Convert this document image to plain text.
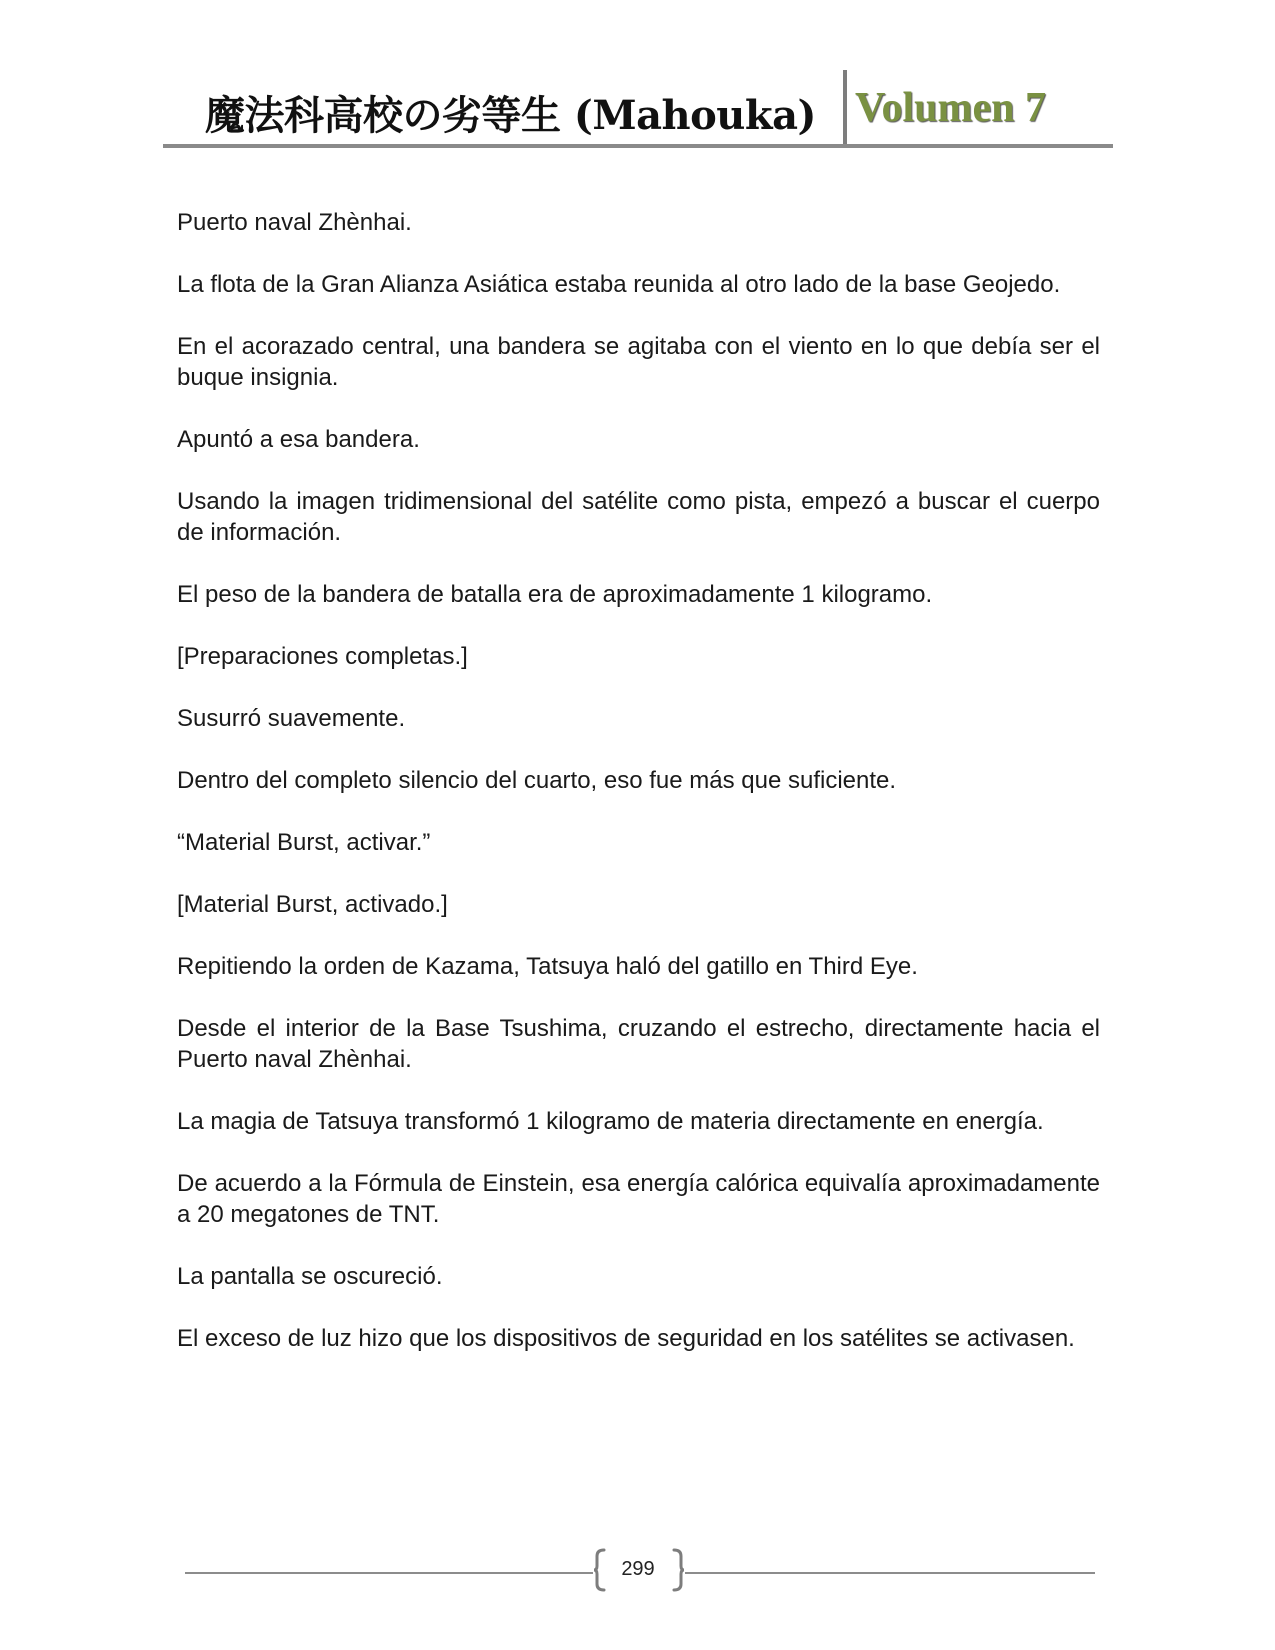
魔法科高校の劣等生 (Mahouka) Volumen 7

Puerto naval Zhènhai.

La flota de la Gran Alianza Asiática estaba reunida al otro lado de la base Geojedo.

En el acorazado central, una bandera se agitaba con el viento en lo que debía ser el buque insignia.

Apuntó a esa bandera.

Usando la imagen tridimensional del satélite como pista, empezó a buscar el cuerpo de información.

El peso de la bandera de batalla era de aproximadamente 1 kilogramo.

[Preparaciones completas.]

Susurró suavemente.

Dentro del completo silencio del cuarto, eso fue más que suficiente.

“Material Burst, activar.”

[Material Burst, activado.]

Repitiendo la orden de Kazama, Tatsuya haló del gatillo en Third Eye.

Desde el interior de la Base Tsushima, cruzando el estrecho, directamente hacia el Puerto naval Zhènhai.

La magia de Tatsuya transformó 1 kilogramo de materia directamente en energía.

De acuerdo a la Fórmula de Einstein, esa energía calórica equivalía aproximadamente a 20 megatones de TNT.

La pantalla se oscureció.

El exceso de luz hizo que los dispositivos de seguridad en los satélites se activasen.

299
